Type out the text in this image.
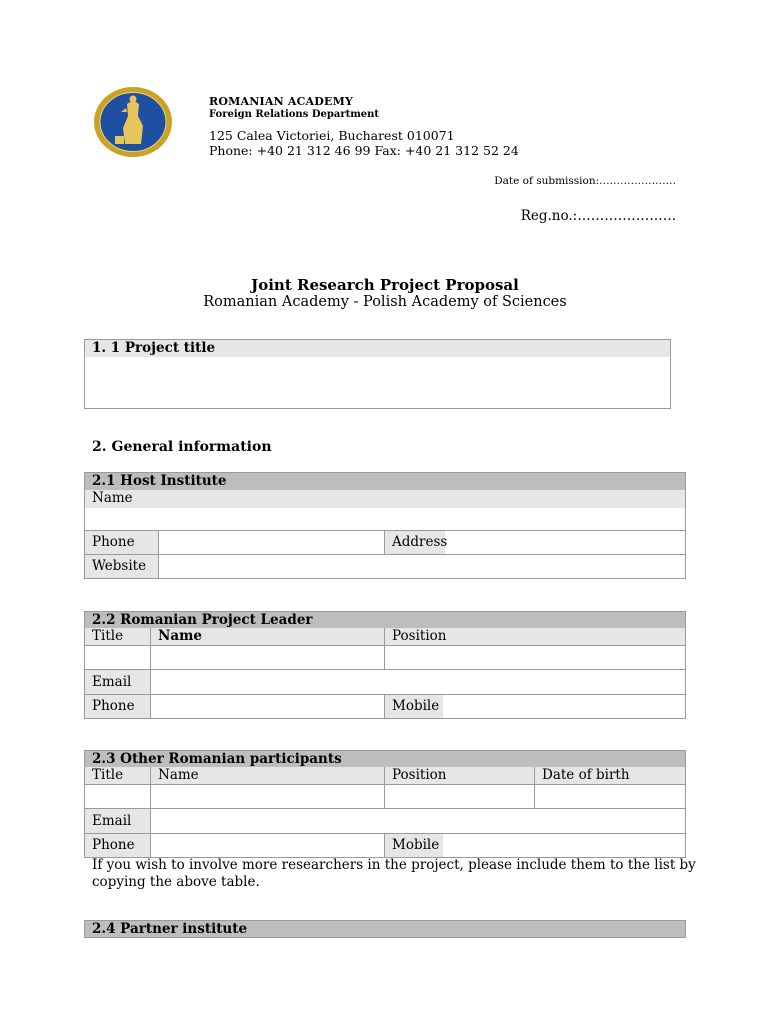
ROMANIAN ACADEMY
Foreign Relations Department
125 Calea Victoriei, Bucharest 010071
Phone: +40 21 312 46 99 Fax: +40 21 312 52 24
Date of submission:………………….
Reg.no.:………………….
Joint Research Project Proposal
Romanian Academy - Polish Academy of Sciences
1. 1 Project title
2. General information
2.1 Host Institute
Name
Phone	Address
Website
2.2 Romanian Project Leader
Title	Name	Position
Email
Phone	Mobile
2.3 Other Romanian participants
Title	Name	Position	Date of birth
Email
Phone	Mobile
If you wish to involve more researchers in the project, please include them to the list by copying the above table.
2.4 Partner institute
